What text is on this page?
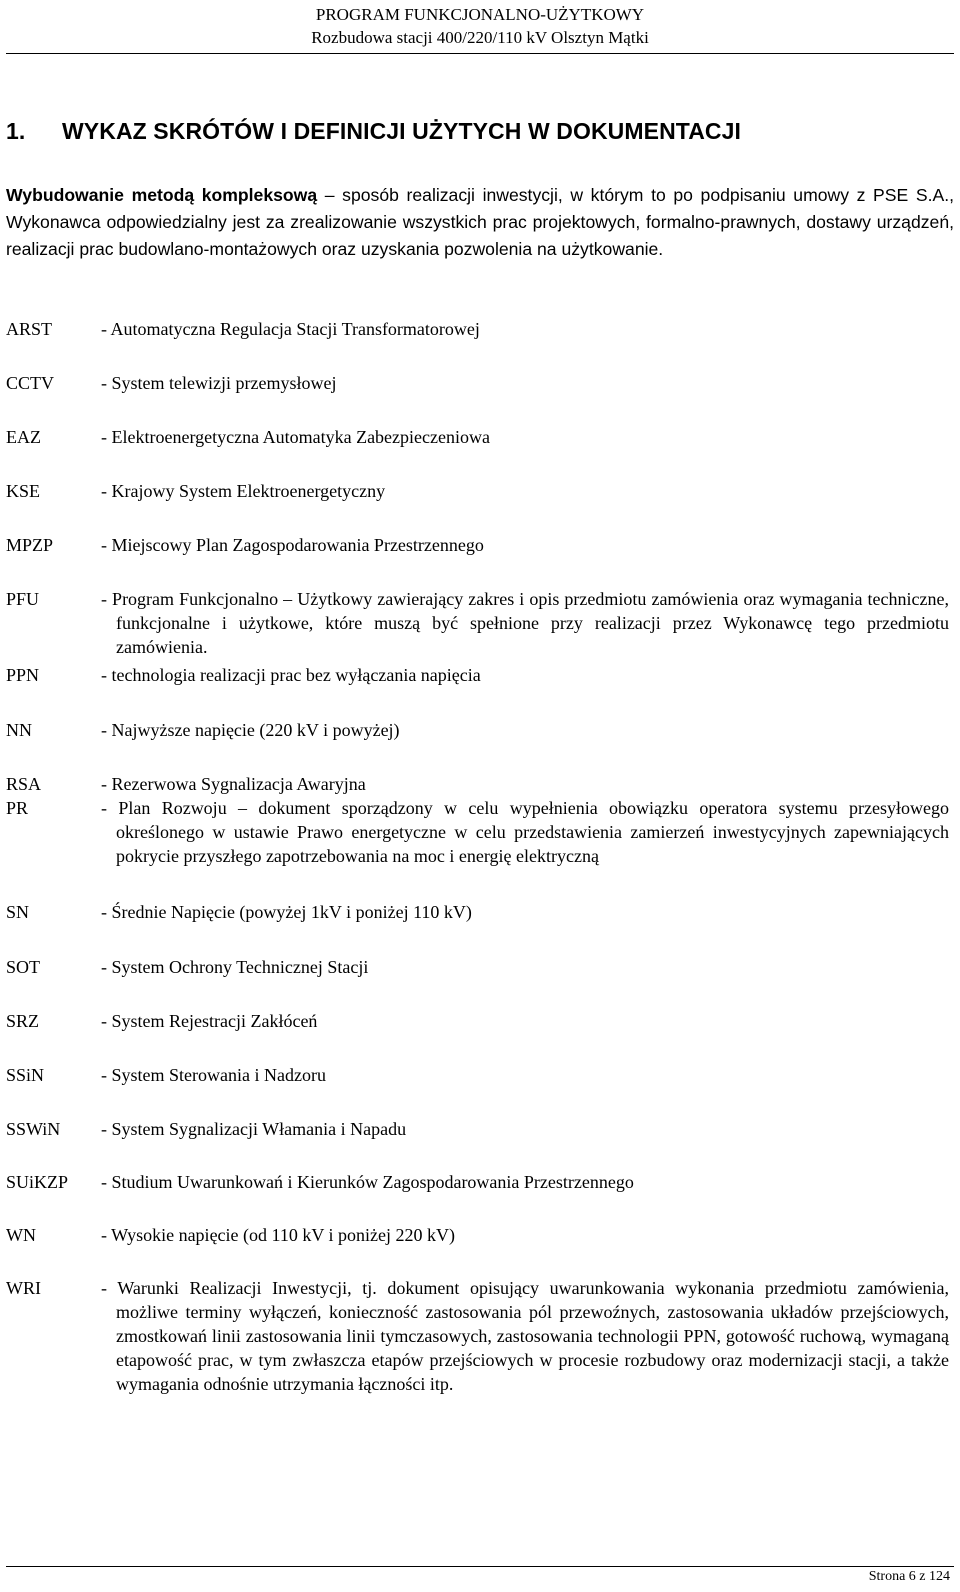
PROGRAM FUNKCJONALNO-UŻYTKOWY
Rozbudowa stacji 400/220/110 kV Olsztyn Mątki
1. WYKAZ SKRÓTÓW I DEFINICJI UŻYTYCH W DOKUMENTACJI
Wybudowanie metodą kompleksową – sposób realizacji inwestycji, w którym to po podpisaniu umowy z PSE S.A., Wykonawca odpowiedzialny jest za zrealizowanie wszystkich prac projektowych, formalno-prawnych, dostawy urządzeń, realizacji prac budowlano-montażowych oraz uzyskania pozwolenia na użytkowanie.
ARST	- Automatyczna Regulacja Stacji Transformatorowej
CCTV	- System telewizji przemysłowej
EAZ	- Elektroenergetyczna Automatyka Zabezpieczeniowa
KSE	- Krajowy System Elektroenergetyczny
MPZP	- Miejscowy Plan Zagospodarowania Przestrzennego
PFU	- Program Funkcjonalno – Użytkowy zawierający zakres i opis przedmiotu zamówienia oraz wymagania techniczne, funkcjonalne i użytkowe, które muszą być spełnione przy realizacji przez Wykonawcę tego przedmiotu zamówienia.
PPN	- technologia realizacji prac bez wyłączania napięcia
NN	- Najwyższe napięcie (220 kV i powyżej)
RSA	- Rezerwowa Sygnalizacja Awaryjna
PR	- Plan Rozwoju – dokument sporządzony w celu wypełnienia obowiązku operatora systemu przesyłowego określonego w ustawie Prawo energetyczne w celu przedstawienia zamierzeń inwestycyjnych zapewniających pokrycie przyszłego zapotrzebowania na moc i energię elektryczną
SN	- Średnie Napięcie (powyżej 1kV i poniżej 110 kV)
SOT	- System Ochrony Technicznej Stacji
SRZ	- System Rejestracji Zakłóceń
SSiN	- System Sterowania i Nadzoru
SSWiN	- System Sygnalizacji Włamania i Napadu
SUiKZP	- Studium Uwarunkowań i Kierunków Zagospodarowania Przestrzennego
WN	- Wysokie napięcie (od 110 kV i poniżej 220 kV)
WRI	- Warunki Realizacji Inwestycji, tj. dokument opisujący uwarunkowania wykonania przedmiotu zamówienia, możliwe terminy wyłączeń, konieczność zastosowania pól przewoźnych, zastosowania układów przejściowych, zmostkowań linii zastosowania linii tymczasowych, zastosowania technologii PPN, gotowość ruchową, wymaganą etapowość prac, w tym zwłaszcza etapów przejściowych w procesie rozbudowy oraz modernizacji stacji, a także wymagania odnośnie utrzymania łączności itp.
Strona 6 z 124
